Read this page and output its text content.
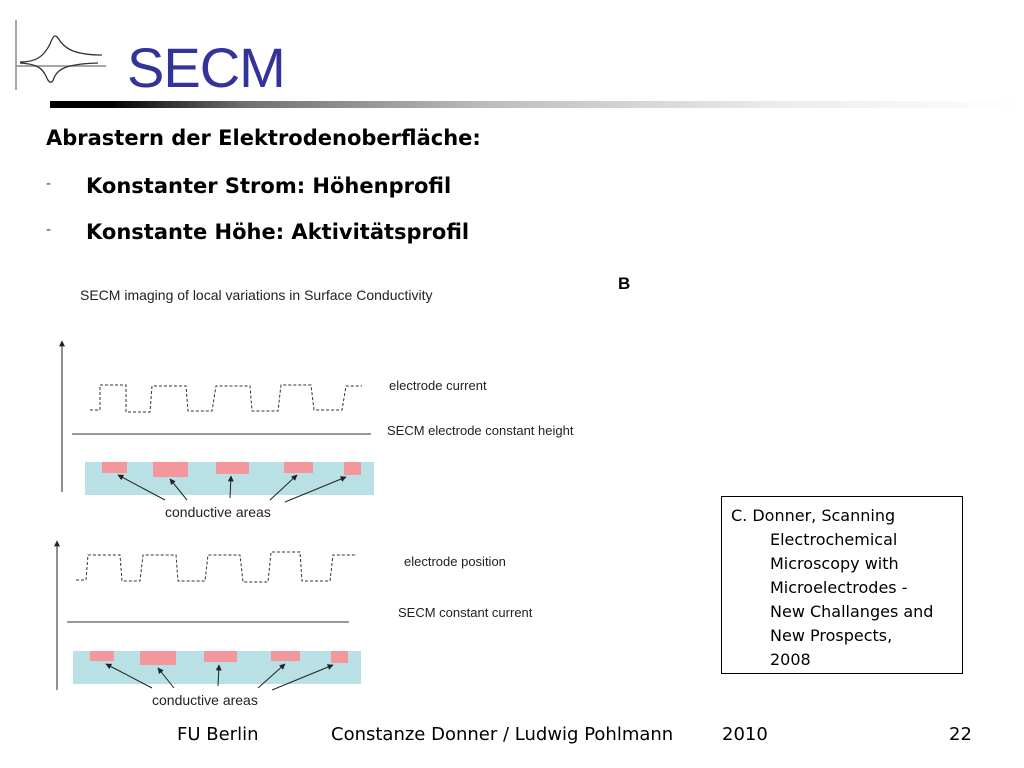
SECM
Abrastern der Elektrodenoberfläche:
- Konstanter Strom: Höhenprofil
- Konstante Höhe: Aktivitätsprofil
SECM imaging of local variations in Surface Conductivity
B
electrode current
SECM electrode constant height
conductive areas
electrode position
SECM constant current
conductive areas
C. Donner, Scanning
Electrochemical
Microscopy with
Microelectrodes -
New Challanges and
New Prospects,
2008
FU Berlin	Constanze Donner / Ludwig Pohlmann	2010	22
